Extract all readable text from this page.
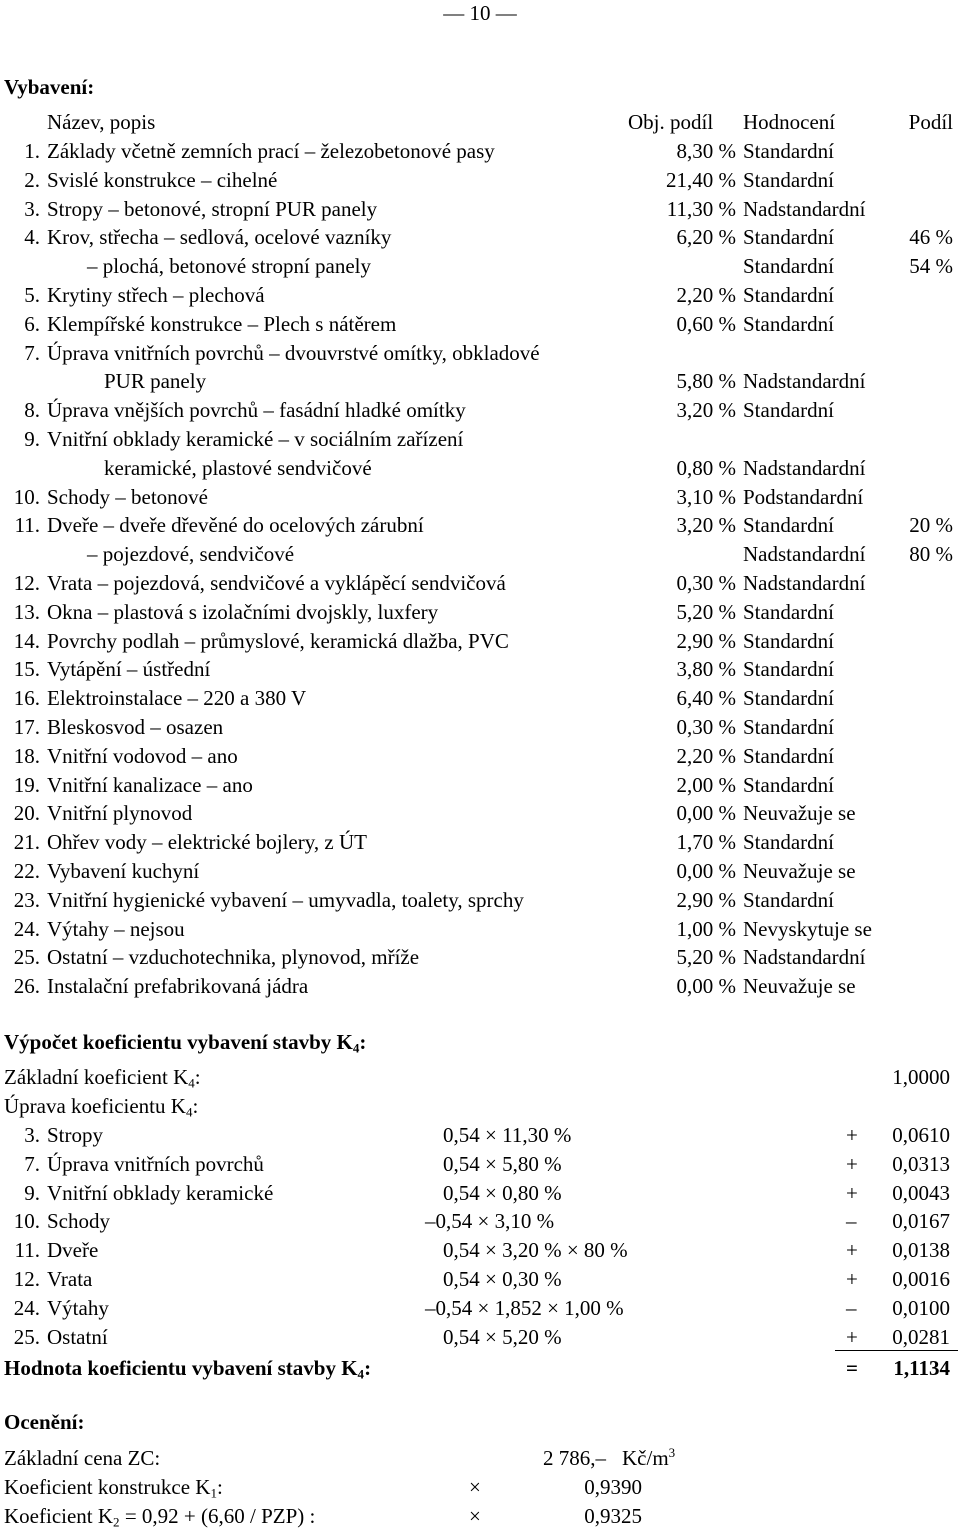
— 10 —
Vybavení:
Název, popis	Obj. podíl Hodnocení	Podíl
1. Základy včetně zemních prací – železobetonové pasy	8,30 % Standardní
2. Svislé konstrukce – cihelné	21,40 % Standardní
3. Stropy – betonové, stropní PUR panely	11,30 % Nadstandardní
4. Krov, střecha – sedlová, ocelové vazníky	6,20 % Standardní	46 %
– plochá, betonové stropní panely	Standardní	54 %
5. Krytiny střech – plechová	2,20 % Standardní
6. Klempířské konstrukce – Plech s nátěrem	0,60 % Standardní
7. Úprava vnitřních povrchů – dvouvrstvé omítky, obkladové
PUR panely	5,80 % Nadstandardní
8. Úprava vnějších povrchů – fasádní hladké omítky	3,20 % Standardní
9. Vnitřní obklady keramické – v sociálním zařízení
keramické, plastové sendvičové	0,80 % Nadstandardní
10. Schody – betonové	3,10 % Podstandardní
11. Dveře – dveře dřevěné do ocelových zárubní	3,20 % Standardní	20 %
– pojezdové, sendvičové	Nadstandardní	80 %
12. Vrata – pojezdová, sendvičové a vyklápěcí sendvičová	0,30 % Nadstandardní
13. Okna – plastová s izolačními dvojskly, luxfery	5,20 % Standardní
14. Povrchy podlah – průmyslové, keramická dlažba, PVC	2,90 % Standardní
15. Vytápění – ústřední	3,80 % Standardní
16. Elektroinstalace – 220 a 380 V	6,40 % Standardní
17. Bleskosvod – osazen	0,30 % Standardní
18. Vnitřní vodovod – ano	2,20 % Standardní
19. Vnitřní kanalizace – ano	2,00 % Standardní
20. Vnitřní plynovod	0,00 % Neuvažuje se
21. Ohřev vody – elektrické bojlery, z ÚT	1,70 % Standardní
22. Vybavení kuchyní	0,00 % Neuvažuje se
23. Vnitřní hygienické vybavení – umyvadla, toalety, sprchy	2,90 % Standardní
24. Výtahy – nejsou	1,00 % Nevyskytuje se
25. Ostatní – vzduchotechnika, plynovod, mříže	5,20 % Nadstandardní
26. Instalační prefabrikovaná jádra	0,00 % Neuvažuje se
Výpočet koeficientu vybavení stavby $K_4$:
Základní koeficient $K_4$:	1,0000
Úprava koeficientu $K_4$:
3. Stropy	0,54 × 11,30 %	+	0,0610
7. Úprava vnitřních povrchů	0,54 × 5,80 %	+	0,0313
9. Vnitřní obklady keramické	0,54 × 0,80 %	+	0,0043
10. Schody	–0,54 × 3,10 %	–	0,0167
11. Dveře	0,54 × 3,20 % × 80 %	+	0,0138
12. Vrata	0,54 × 0,30 %	+	0,0016
24. Výtahy	–0,54 × 1,852 × 1,00 %	–	0,0100
25. Ostatní	0,54 × 5,20 %	+	0,0281
Hodnota koeficientu vybavení stavby $K_4$:	=	1,1134
Ocenění:
Základní cena ZC:	2 786,– $Kč/m^3$
Koeficient konstrukce $K_1$:	×	0,9390
Koeficient $K_2 = 0,92 + (6,60 / PZP)$ :	×	0,9325
